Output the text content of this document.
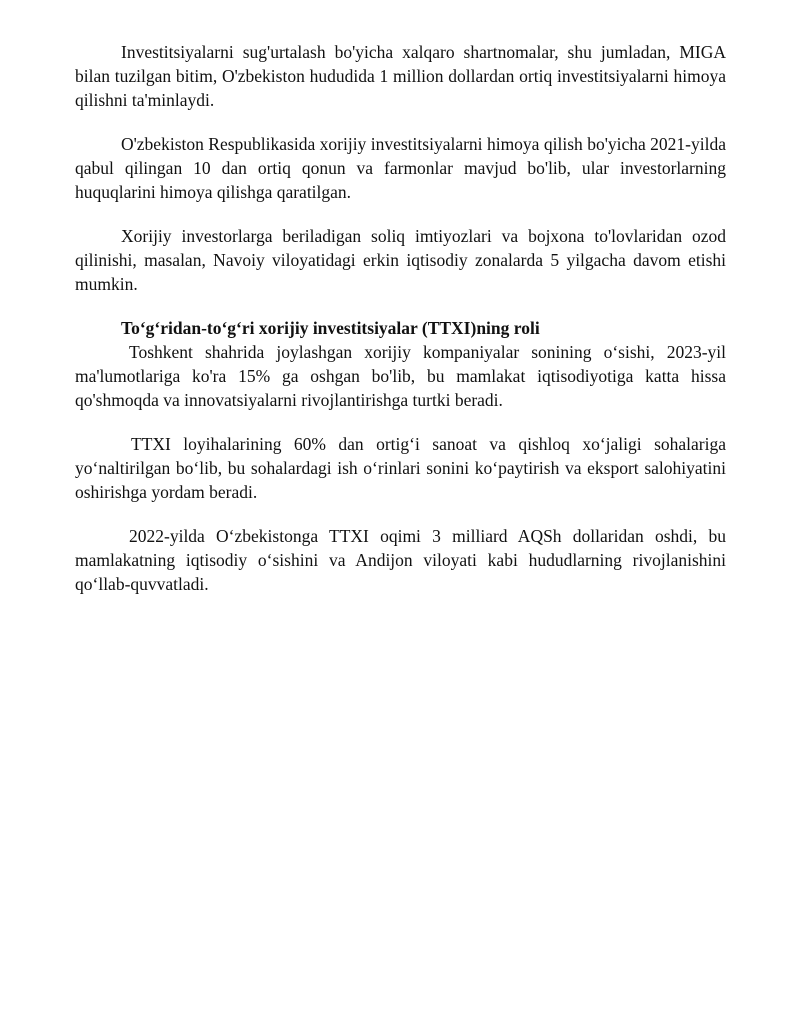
Investitsiyalarni sug'urtalash bo'yicha xalqaro shartnomalar, shu jumladan, MIGA bilan tuzilgan bitim, O'zbekiston hududida 1 million dollardan ortiq investitsiyalarni himoya qilishni ta'minlaydi.

O'zbekiston Respublikasida xorijiy investitsiyalarni himoya qilish bo'yicha 2021-yilda qabul qilingan 10 dan ortiq qonun va farmonlar mavjud bo'lib, ular investorlarning huquqlarini himoya qilishga qaratilgan.

Xorijiy investorlarga beriladigan soliq imtiyozlari va bojxona to'lovlaridan ozod qilinishi, masalan, Navoiy viloyatidagi erkin iqtisodiy zonalarda 5 yilgacha davom etishi mumkin.

To‘g‘ridan-to‘g‘ri xorijiy investitsiyalar (TTXI)ning roli

Toshkent shahrida joylashgan xorijiy kompaniyalar sonining o‘sishi, 2023-yil ma'lumotlariga ko'ra 15% ga oshgan bo'lib, bu mamlakat iqtisodiyotiga katta hissa qo'shmoqda va innovatsiyalarni rivojlantirishga turtki beradi.

TTXI loyihalarining 60% dan ortig‘i sanoat va qishloq xo‘jaligi sohalariga yo‘naltirilgan bo‘lib, bu sohalardagi ish o‘rinlari sonini ko‘paytirish va eksport salohiyatini oshirishga yordam beradi.

2022-yilda O‘zbekistonga TTXI oqimi 3 milliard AQSh dollaridan oshdi, bu mamlakatning iqtisodiy o‘sishini va Andijon viloyati kabi hududlarning rivojlanishini qo‘llab-quvvatladi.
